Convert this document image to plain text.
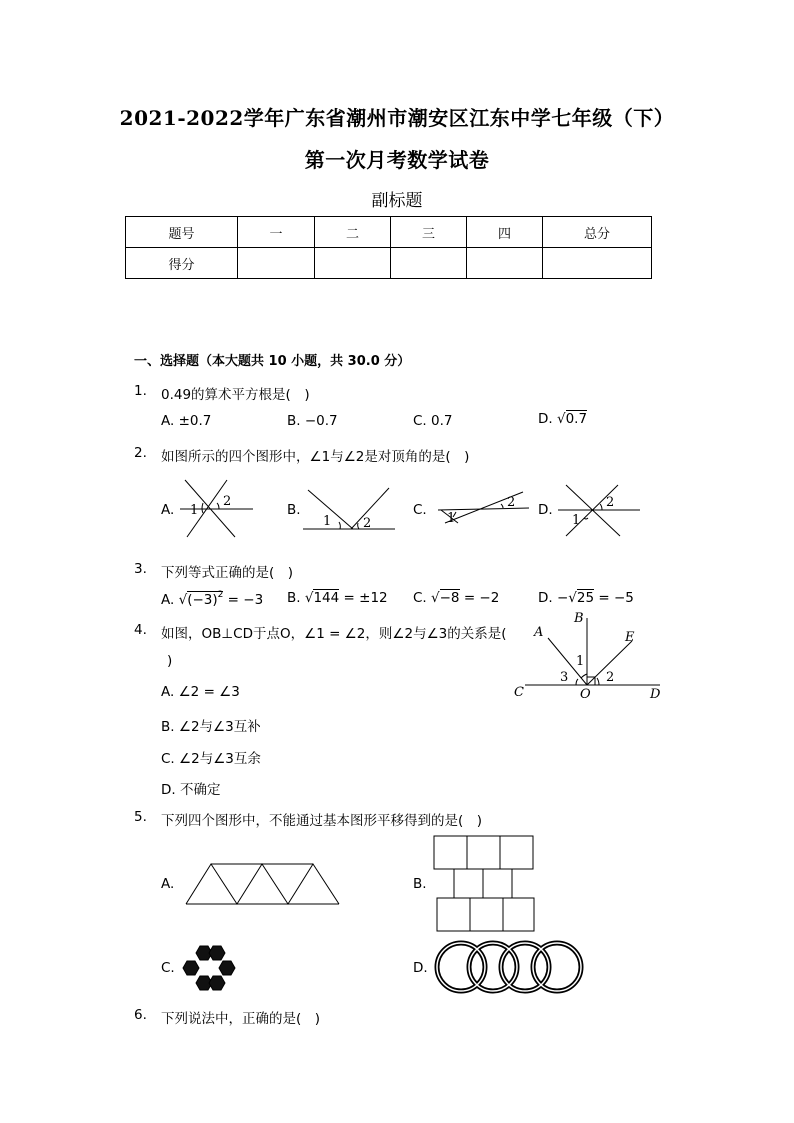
2021-2022学年广东省潮州市潮安区江东中学七年级（下）
第一次月考数学试卷
副标题
题号	一	二	三	四	总分
得分					
一、选择题（本大题共 10 小题，共 30.0 分）
1. 0.49的算术平方根是(　)
A. ±0.7	B. −0.7	C. 0.7	D. √0.7
2. 如图所示的四个图形中，∠1与∠2是对顶角的是(　)
A. 1
2
B.
1 2
C.
1
2 D.
1
2
3. 下列等式正确的是(　)
A. $√(-3)^2 = -3$ B. √144 = ±12 C. √−8 = −2	D. −√25 = −5
4. 如图，OB⊥CD于点O，∠1 = ∠2，则∠2与∠3的关系是(
)
A. ∠2 = ∠3
B. ∠2与∠3互补
C. ∠2与∠3互余
D. 不确定
A
B
E
C	O	D
1
2
3
5. 下列四个图形中，不能通过基本图形平移得到的是(　)
A.	B.
C.	D.
6. 下列说法中，正确的是(　)
